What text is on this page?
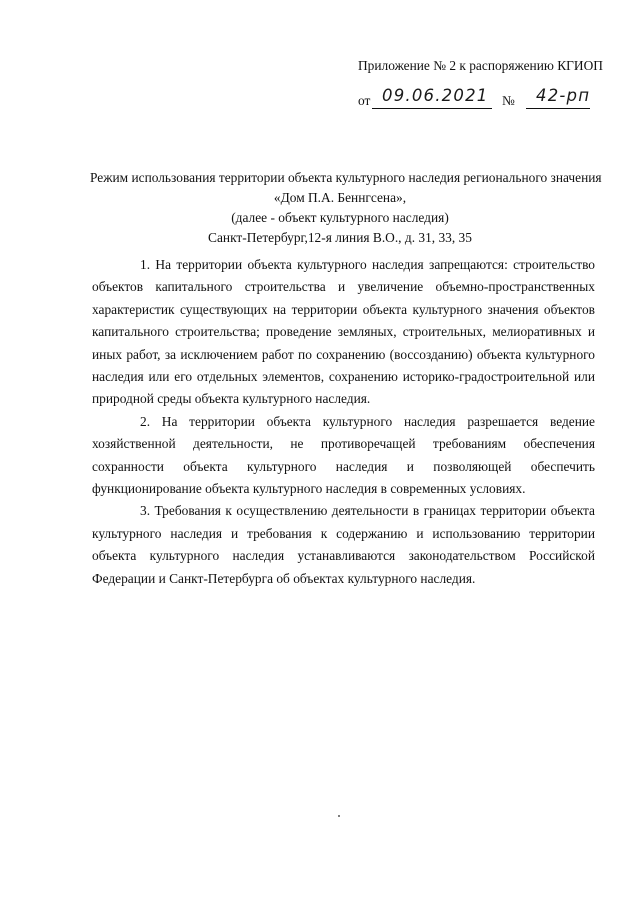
Приложение № 2 к распоряжению КГИОП
от 09.06.2021 № 42-рп
Режим использования территории объекта культурного наследия регионального значения
«Дом П.А. Беннгсена»,
(далее - объект культурного наследия)
Санкт-Петербург,12-я линия В.О., д. 31, 33, 35

1. На территории объекта культурного наследия запрещаются: строительство объектов капитального строительства и увеличение объемно-пространственных характеристик существующих на территории объекта культурного значения объектов капитального строительства; проведение земляных, строительных, мелиоративных и иных работ, за исключением работ по сохранению (воссозданию) объекта культурного наследия или его отдельных элементов, сохранению историко-градостроительной или природной среды объекта культурного наследия.

2. На территории объекта культурного наследия разрешается ведение хозяйственной деятельности, не противоречащей требованиям обеспечения сохранности объекта культурного наследия и позволяющей обеспечить функционирование объекта культурного наследия в современных условиях.

3. Требования к осуществлению деятельности в границах территории объекта культурного наследия и требования к содержанию и использованию территории объекта культурного наследия устанавливаются законодательством Российской Федерации и Санкт-Петербурга об объектах культурного наследия.
